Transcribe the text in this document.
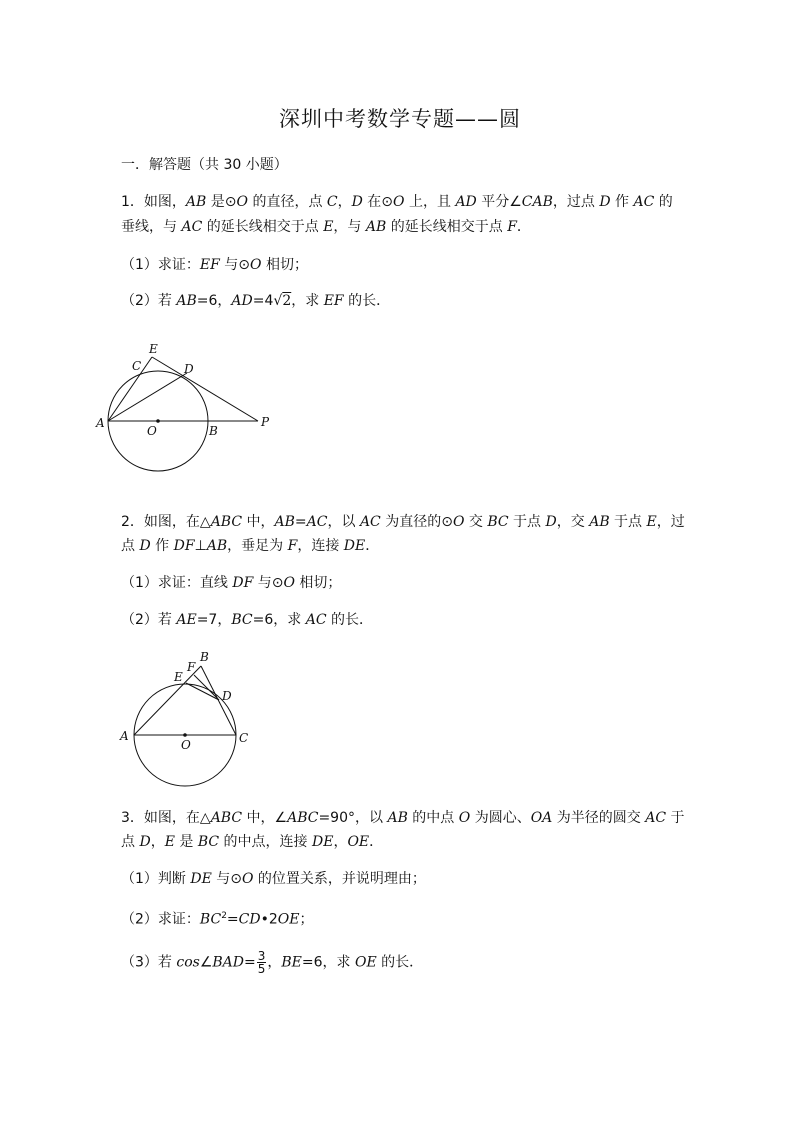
深圳中考数学专题——圆
一．解答题（共 30 小题）
1．如图，AB 是⊙O 的直径，点 C，D 在⊙O 上，且 AD 平分∠CAB，过点 D 作 AC 的
垂线，与 AC 的延长线相交于点 E，与 AB 的延长线相交于点 F．
（1）求证：EF 与⊙O 相切；
（2）若 AB=6，AD=4√2，求 EF 的长．
C
E
D
A
O	B
P
2．如图，在△ABC 中，AB=AC，以 AC 为直径的⊙O 交 BC 于点 D，交 AB 于点 E，过
点 D 作 DF⊥AB，垂足为 F，连接 DE．
（1）求证：直线 DF 与⊙O 相切；
（2）若 AE=7，BC=6，求 AC 的长．
B
F
E
D
A
O	C
3．如图，在△ABC 中，∠ABC=90°，以 AB 的中点 O 为圆心、OA 为半径的圆交 AC 于
点 D，E 是 BC 的中点，连接 DE，OE．
（1）判断 DE 与⊙O 的位置关系，并说明理由；
（2）求证：$BC^2=CD•2OE$；
（3）若 cos∠BAD= $\frac{3}{5}$ ，BE=6，求 OE 的长．
